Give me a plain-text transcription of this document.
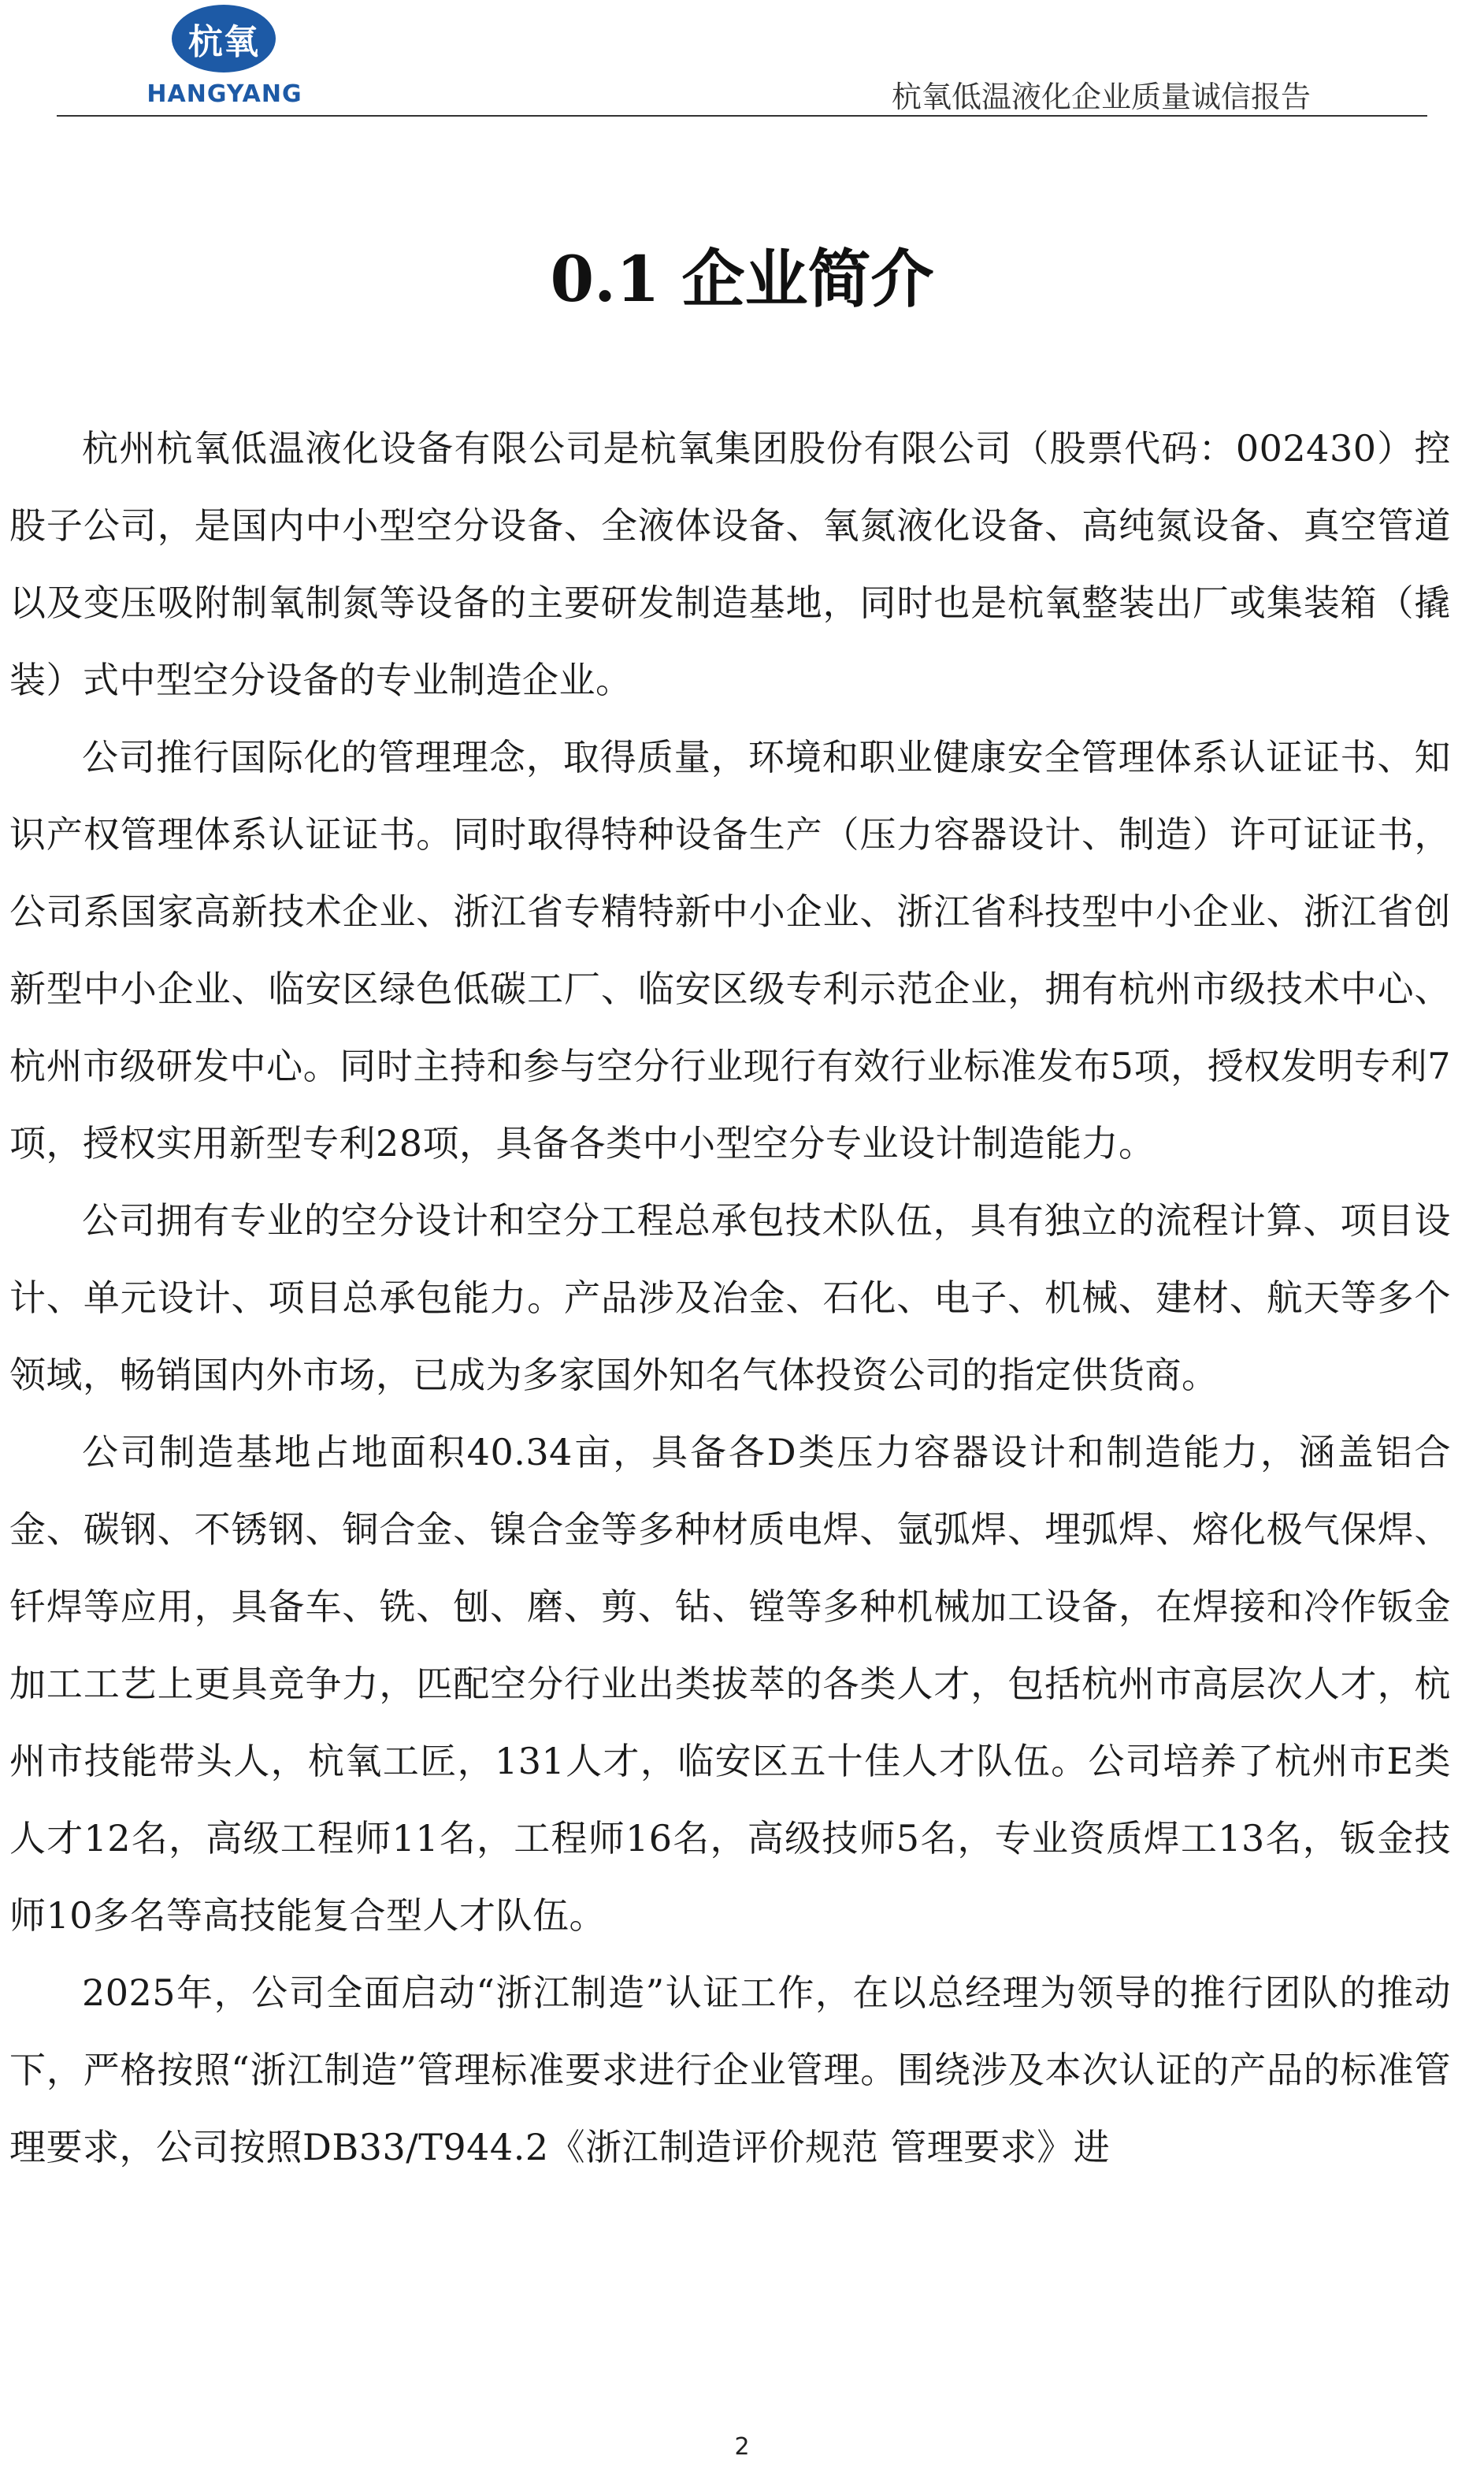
杭氧
HANGYANG	杭氧低温液化企业质量诚信报告
0.1 企业简介

杭州杭氧低温液化设备有限公司是杭氧集团股份有限公司（股票代码：002430）控股子公司，是国内中小型空分设备、全液体设备、氧氮液化设备、高纯氮设备、真空管道以及变压吸附制氧制氮等设备的主要研发制造基地，同时也是杭氧整装出厂或集装箱（撬装）式中型空分设备的专业制造企业。

公司推行国际化的管理理念，取得质量，环境和职业健康安全管理体系认证证书、知识产权管理体系认证证书。同时取得特种设备生产（压力容器设计、制造）许可证证书，公司系国家高新技术企业、浙江省专精特新中小企业、浙江省科技型中小企业、浙江省创新型中小企业、临安区绿色低碳工厂、临安区级专利示范企业，拥有杭州市级技术中心、杭州市级研发中心。同时主持和参与空分行业现行有效行业标准发布5项，授权发明专利7项，授权实用新型专利28项，具备各类中小型空分专业设计制造能力。

公司拥有专业的空分设计和空分工程总承包技术队伍，具有独立的流程计算、项目设计、单元设计、项目总承包能力。产品涉及冶金、石化、电子、机械、建材、航天等多个领域，畅销国内外市场，已成为多家国外知名气体投资公司的指定供货商。

公司制造基地占地面积40.34亩，具备各D类压力容器设计和制造能力，涵盖铝合金、碳钢、不锈钢、铜合金、镍合金等多种材质电焊、氩弧焊、埋弧焊、熔化极气保焊、钎焊等应用，具备车、铣、刨、磨、剪、钻、镗等多种机械加工设备，在焊接和冷作钣金加工工艺上更具竞争力，匹配空分行业出类拔萃的各类人才，包括杭州市高层次人才，杭州市技能带头人，杭氧工匠，131人才，临安区五十佳人才队伍。公司培养了杭州市E类人才12名，高级工程师11名，工程师16名，高级技师5名，专业资质焊工13名，钣金技师10多名等高技能复合型人才队伍。

2025年，公司全面启动“浙江制造”认证工作，在以总经理为领导的推行团队的推动下，严格按照“浙江制造”管理标准要求进行企业管理。围绕涉及本次认证的产品的标准管理要求，公司按照DB33/T944.2《浙江制造评价规范 管理要求》进

2
